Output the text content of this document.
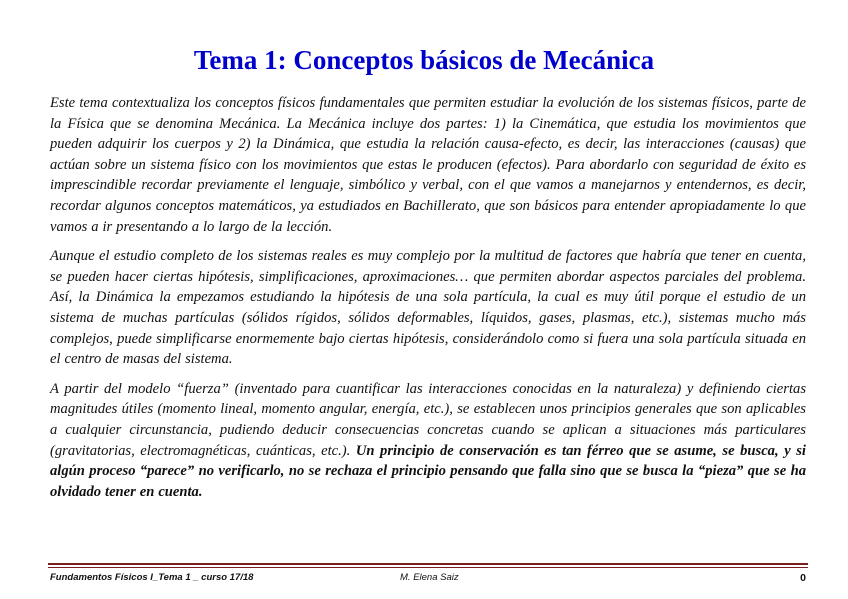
Tema 1: Conceptos básicos de Mecánica

Este tema contextualiza los conceptos físicos fundamentales que permiten estudiar la evolución de los sistemas físicos, parte de la Física que se denomina Mecánica. La Mecánica incluye dos partes: 1) la Cinemática, que estudia los movimientos que pueden adquirir los cuerpos y 2) la Dinámica, que estudia la relación causa-efecto, es decir, las interacciones (causas) que actúan sobre un sistema físico con los movimientos que estas le producen (efectos). Para abordarlo con seguridad de éxito es imprescindible recordar previamente el lenguaje, simbólico y verbal, con el que vamos a manejarnos y entendernos, es decir, recordar algunos conceptos matemáticos, ya estudiados en Bachillerato, que son básicos para entender apropiadamente lo que vamos a ir presentando a lo largo de la lección.

Aunque el estudio completo de los sistemas reales es muy complejo por la multitud de factores que habría que tener en cuenta, se pueden hacer ciertas hipótesis, simplificaciones, aproximaciones… que permiten abordar aspectos parciales del problema. Así, la Dinámica la empezamos estudiando la hipótesis de una sola partícula, la cual es muy útil porque el estudio de un sistema de muchas partículas (sólidos rígidos, sólidos deformables, líquidos, gases, plasmas, etc.), sistemas mucho más complejos, puede simplificarse enormemente bajo ciertas hipótesis, considerándolo como si fuera una sola partícula situada en el centro de masas del sistema.

A partir del modelo “fuerza” (inventado para cuantificar las interacciones conocidas en la naturaleza) y definiendo ciertas magnitudes útiles (momento lineal, momento angular, energía, etc.), se establecen unos principios generales que son aplicables a cualquier circunstancia, pudiendo deducir consecuencias concretas cuando se aplican a situaciones más particulares (gravitatorias, electromagnéticas, cuánticas, etc.). Un principio de conservación es tan férreo que se asume, se busca, y si algún proceso “parece” no verificarlo, no se rechaza el principio pensando que falla sino que se busca la “pieza” que se ha olvidado tener en cuenta.

Fundamentos Físicos I_Tema 1 _ curso 17/18	M. Elena Saiz	0
